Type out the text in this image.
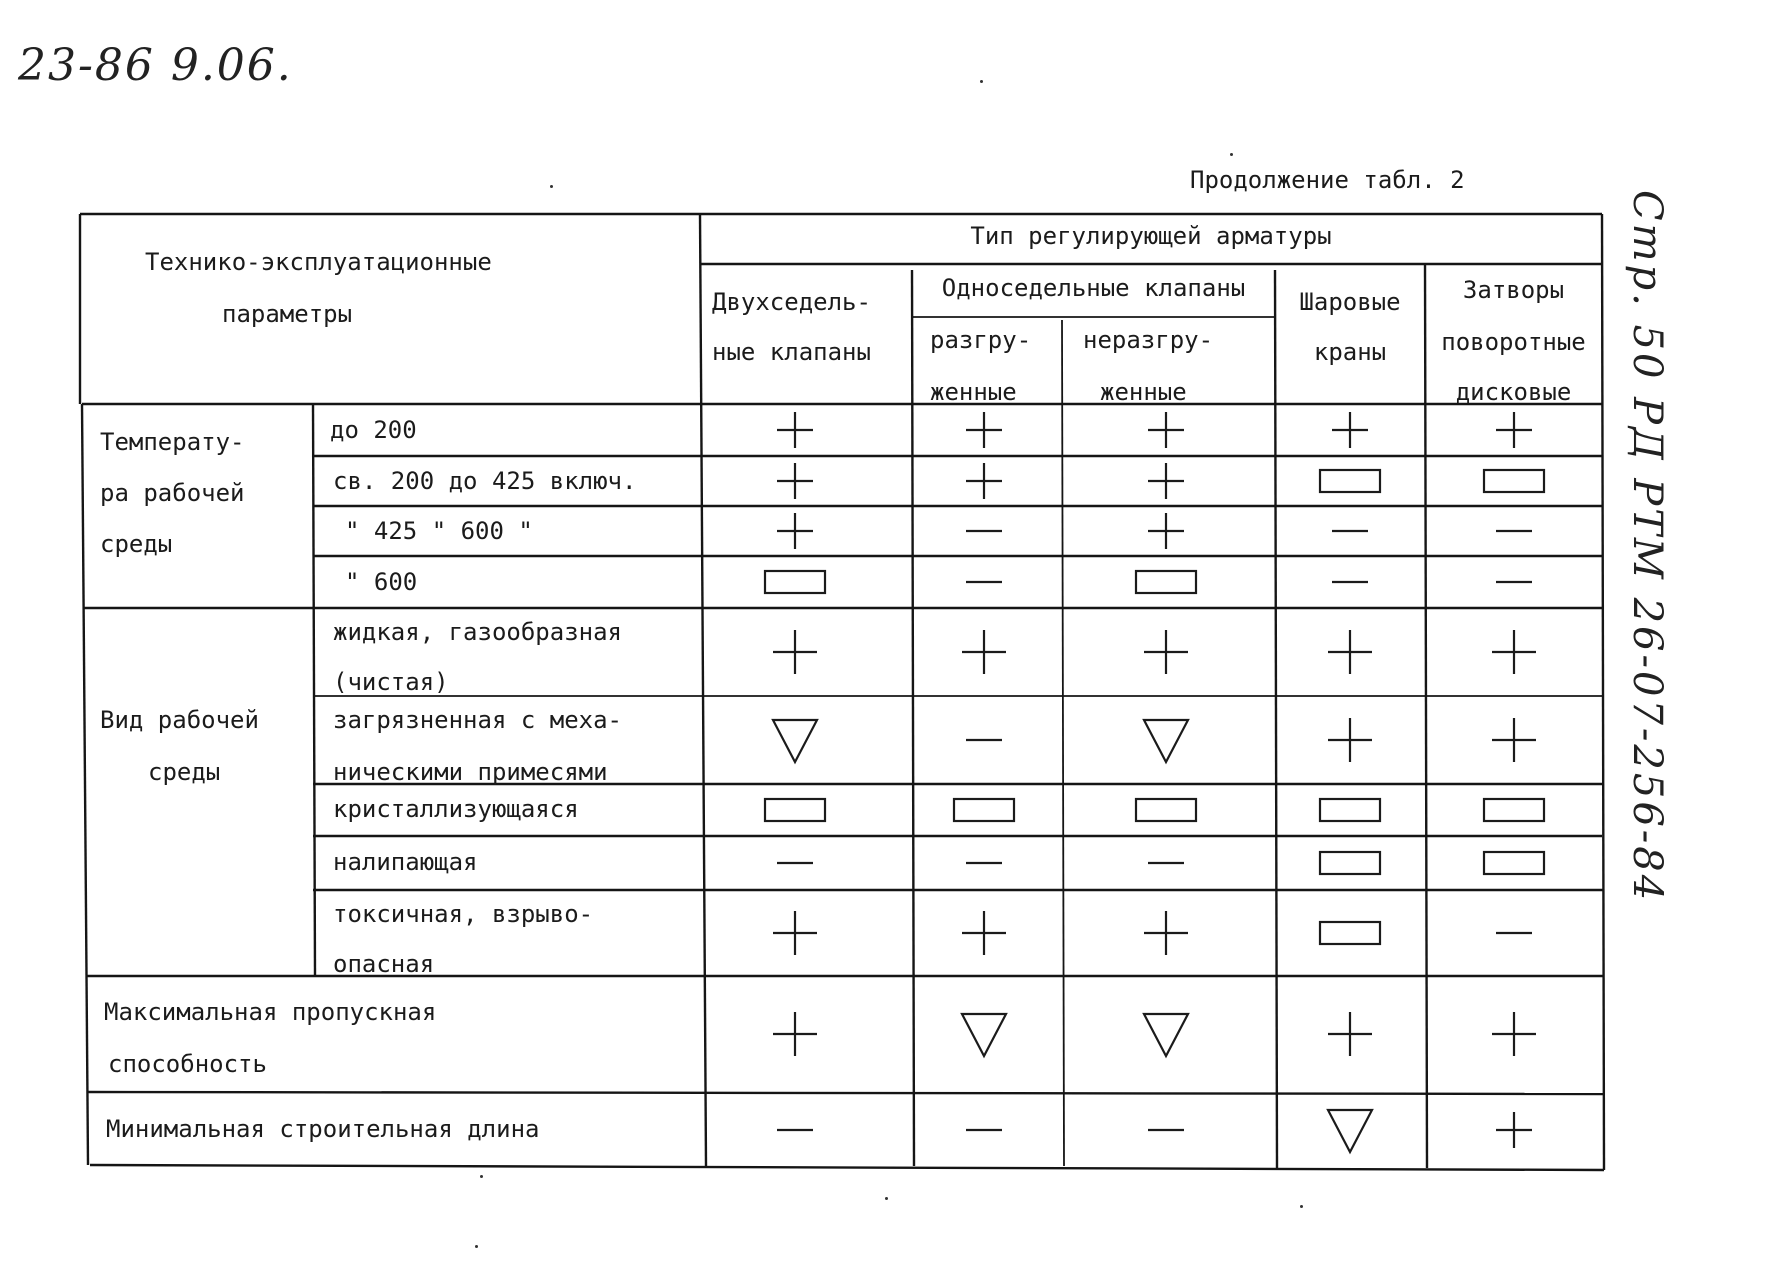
23-86 9.06.
Продолжение табл. 2
Стр. 50 РД РТМ 26-07-256-84
Технико-эксплуатационные
параметры
Тип регулирующей арматуры
Двухседель-
ные клапаны
Односедельные клапаны
разгру-
женные
неразгру-
женные
Шаровые
краны
Затворы
поворотные
дисковые
Температу-
ра рабочей
среды
Вид рабочей
среды
до 200
св. 200 до 425 включ.
" 425 " 600 "
" 600
жидкая, газообразная
(чистая)
загрязненная с меха-
ническими примесями
кристаллизующаяся
налипающая
токсичная, взрыво-
опасная
Максимальная пропускная
способность
Минимальная строительная длина
